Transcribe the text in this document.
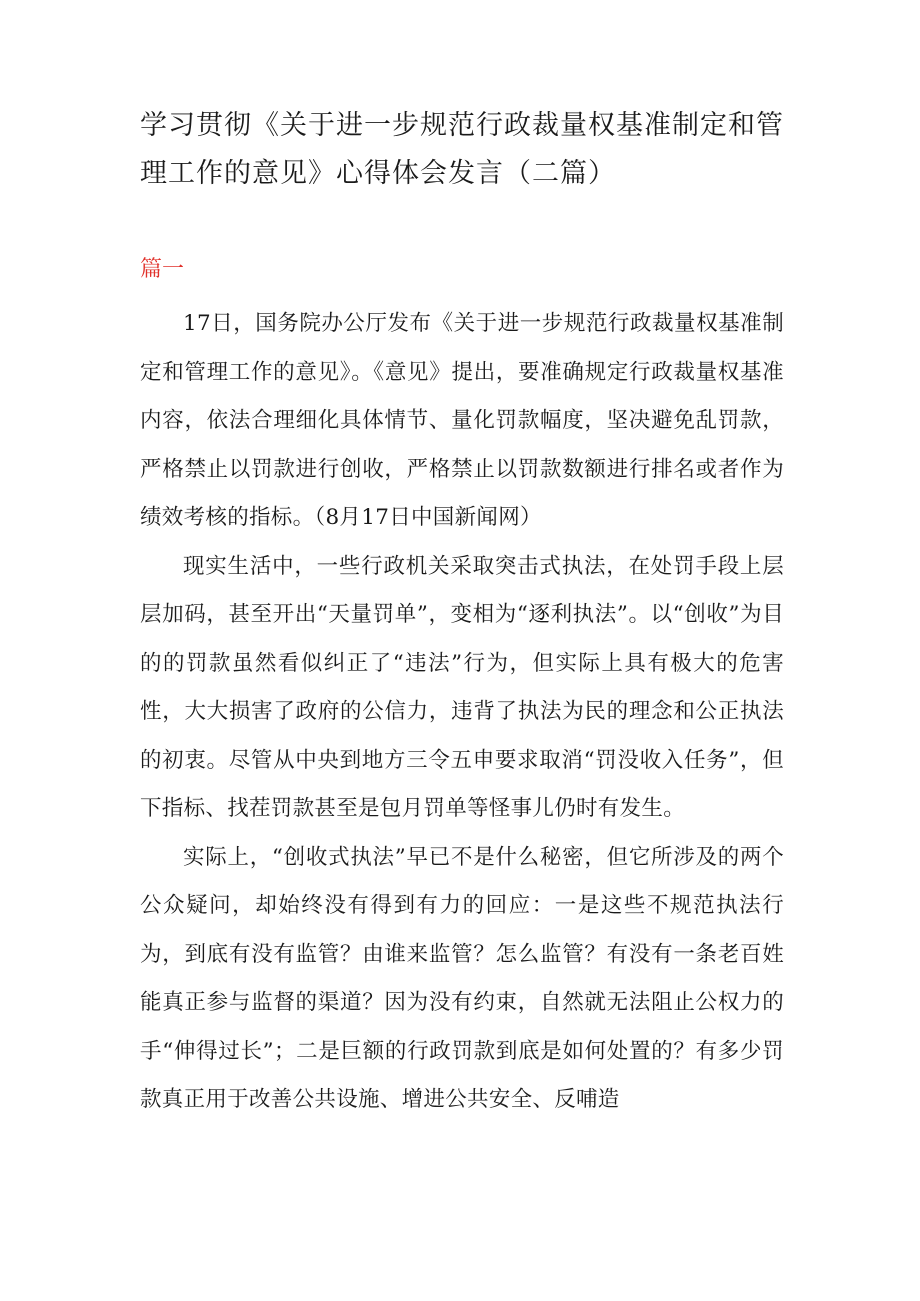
学习贯彻《关于进一步规范行政裁量权基准制定和管理工作的意见》心得体会发言（二篇）
篇一

17日，国务院办公厅发布《关于进一步规范行政裁量权基准制定和管理工作的意见》。《意见》提出，要准确规定行政裁量权基准内容，依法合理细化具体情节、量化罚款幅度，坚决避免乱罚款，严格禁止以罚款进行创收，严格禁止以罚款数额进行排名或者作为绩效考核的指标。（8月17日中国新闻网）

现实生活中，一些行政机关采取突击式执法，在处罚手段上层层加码，甚至开出“天量罚单”，变相为“逐利执法”。以“创收”为目的的罚款虽然看似纠正了“违法”行为，但实际上具有极大的危害性，大大损害了政府的公信力，违背了执法为民的理念和公正执法的初衷。尽管从中央到地方三令五申要求取消“罚没收入任务”，但下指标、找茬罚款甚至是包月罚单等怪事儿仍时有发生。

实际上，“创收式执法”早已不是什么秘密，但它所涉及的两个公众疑问，却始终没有得到有力的回应：一是这些不规范执法行为，到底有没有监管？由谁来监管？怎么监管？有没有一条老百姓能真正参与监督的渠道？因为没有约束，自然就无法阻止公权力的手“伸得过长”；二是巨额的行政罚款到底是如何处置的？有多少罚款真正用于改善公共设施、增进公共安全、反哺造
